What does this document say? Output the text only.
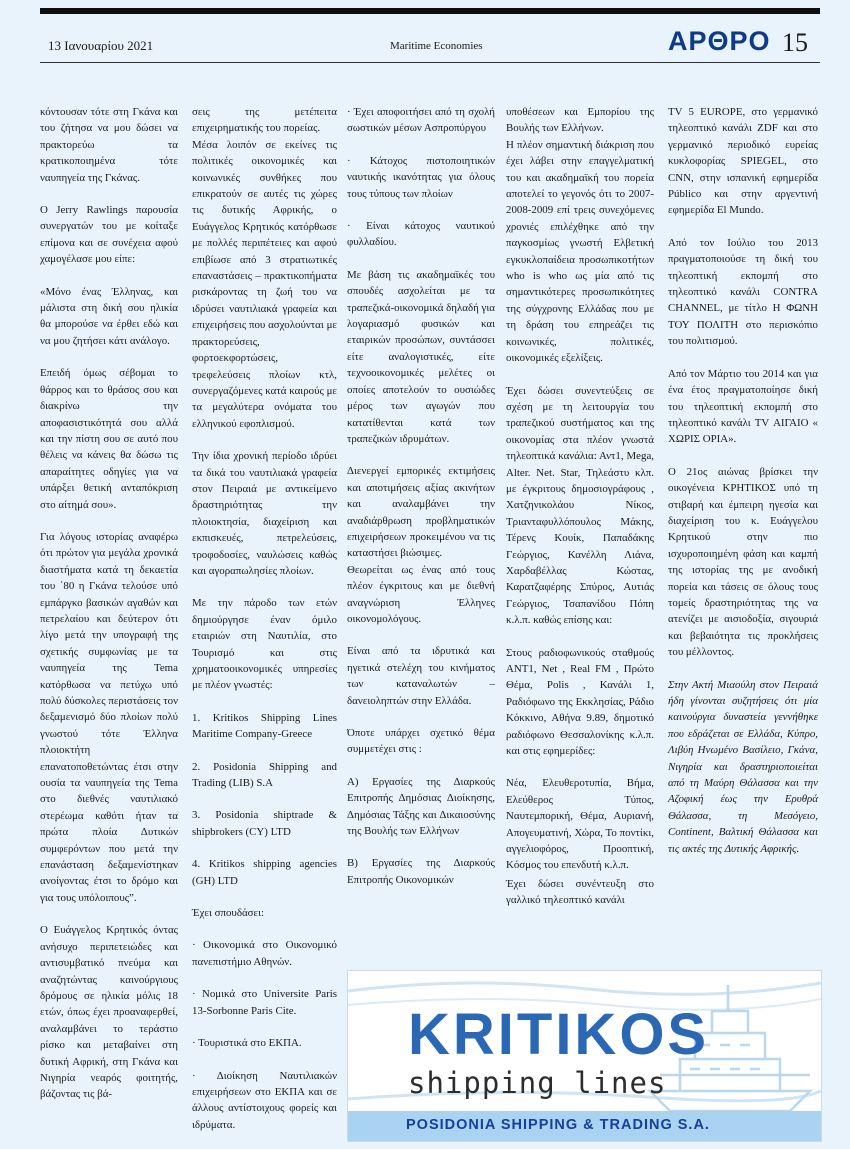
13 Ιανουαρίου 2021	Maritime Economies	ΑΡΘΡΟ 15

κόντουσαν τότε στη Γκάνα και του ζήτησα να μου δώσει να πρακτορεύω τα κρατικοποιημένα τότε ναυπηγεία της Γκάνας.

Ο Jerry Rawlings παρουσία συνεργατών του με κοίταξε επίμονα και σε συνέχεια αφού χαμογέλασε μου είπε:

«Μόνο ένας Έλληνας, και μάλιστα στη δική σου ηλικία θα μπορούσε να έρθει εδώ και να μου ζητήσει κάτι ανάλογο.

Επειδή όμως σέβομαι το θάρρος και το θράσος σου και διακρίνω την αποφασιστικότητά σου αλλά και την πίστη σου σε αυτό που θέλεις να κάνεις θα δώσω τις απαραίτητες οδηγίες για να υπάρξει θετική ανταπόκριση στο αίτημά σου».

Για λόγους ιστορίας αναφέρω ότι πρώτον για μεγάλα χρονικά διαστήματα κατά τη δεκαετία του ΄80 η Γκάνα τελούσε υπό εμπάργκο βασικών αγαθών και πετρελαίου και δεύτερον ότι λίγο μετά την υπογραφή της σχετικής συμφωνίας με τα ναυπηγεία της Tema κατόρθωσα να πετύχω υπό πολύ δύσκολες περιστάσεις τον δεξαμενισμό δύο πλοίων πολύ γνωστού τότε Έλληνα πλοιοκτήτη επανατοποθετώντας έτσι στην ουσία τα ναυπηγεία της Tema στο διεθνές ναυτιλιακό στερέωμα καθότι ήταν τα πρώτα πλοία Δυτικών συμφερόντων που μετά την επανάσταση δεξαμενίστηκαν ανοίγοντας έτσι το δρόμο και για τους υπόλοιπους”.

Ο Ευάγγελος Κρητικός όντας ανήσυχο περιπετειώδες και αντισυμβατικό πνεύμα και αναζητώντας καινούργιους δρόμους σε ηλικία μόλις 18 ετών, όπως έχει προαναφερθεί, αναλαμβάνει το τεράστιο ρίσκο και μεταβαίνει στη δυτική Αφρική, στη Γκάνα και Νιγηρία νεαρός φοιτητής, βάζοντας τις βά-

σεις της μετέπειτα επιχειρηματικής του πορείας.
Μέσα λοιπόν σε εκείνες τις πολιτικές οικονομικές και κοινωνικές συνθήκες που επικρατούν σε αυτές τις χώρες τις δυτικής Αφρικής, ο Ευάγγελος Κρητικός κατόρθωσε με πολλές περιπέτειες και αφού επιβίωσε από 3 στρατιωτικές επαναστάσεις – πρακτικοπήματα ρισκάροντας τη ζωή του να ιδρύσει ναυτιλιακά γραφεία και επιχειρήσεις που ασχολούνται με πρακτορεύσεις, φορτοεκφορτώσεις, τρεφελεύσεις πλοίων κτλ, συνεργαζόμενες κατά καιρούς με τα μεγαλύτερα ονόματα του ελληνικού εφοπλισμού.

Την ίδια χρονική περίοδο ιδρύει τα δικά του ναυτιλιακά γραφεία στον Πειραιά με αντικείμενο δραστηριότητας την πλοιοκτησία, διαχείριση και εκπισκευές, πετρελεύσεις, τροφοδοσίες, ναυλώσεις καθώς και αγοραπωλησίες πλοίων.

Με την πάροδο των ετών δημιούργησε έναν όμιλο εταιριών στη Ναυτιλία, στο Τουρισμό και στις χρηματοοικονομικές υπηρεσίες με πλέον γνωστές:

1. Kritikos Shipping Lines Maritime Company-Greece

2. Posidonia Shipping and Trading (LIB) S.A

3. Posidonia shiptrade & shipbrokers (CY) LTD

4. Kritikos shipping agencies (GH) LTD

Έχει σπουδάσει:

· Οικονομικά στο Οικονομικό πανεπιστήμιο Αθηνών.

· Νομικά στο Universite Paris 13-Sorbonne Paris Cite.

· Τουριστικά στο ΕΚΠΑ.

· Διοίκηση Ναυτιλιακών επιχειρήσεων στο ΕΚΠΑ και σε άλλους αντίστοιχους φορείς και ιδρύματα.

· Έχει αποφοιτήσει από τη σχολή σωστικών μέσων Ασπροπύργου

· Κάτοχος πιστοποιητικών ναυτικής ικανότητας για όλους τους τύπους των πλοίων

· Είναι κάτοχος ναυτικού φυλλαδίου.

Με βάση τις ακαδημαϊκές του σπουδές ασχολείται με τα τραπεζικά-οικονομικά δηλαδή για λογαριασμό φυσικών και εταιρικών προσώπων, συντάσσει είτε αναλογιστικές, είτε τεχνοοικονομικές μελέτες οι οποίες αποτελούν το ουσιώδες μέρος των αγωγών που κατατίθενται κατά των τραπεζικών ιδρυμάτων.

Διενεργεί εμπορικές εκτιμήσεις και αποτιμήσεις αξίας ακινήτων και αναλαμβάνει την αναδιάρθρωση προβληματικών επιχειρήσεων προκειμένου να τις καταστήσει βιώσιμες.
Θεωρείται ως ένας από τους πλέον έγκριτους και με διεθνή αναγνώριση Έλληνες οικονομολόγους.

Είναι από τα ιδρυτικά και ηγετικά στελέχη του κινήματος των καταναλωτών – δανειοληπτών στην Ελλάδα.

Όποτε υπάρχει σχετικό θέμα συμμετέχει στις :

Α) Εργασίες της Διαρκούς Επιτροπής Δημόσιας Διοίκησης, Δημόσιας Τάξης και Δικαιοσύνης της Βουλής των Ελλήνων

Β) Εργασίες της Διαρκούς Επιτροπής Οικονομικών

υποθέσεων και Εμπορίου της Βουλής των Ελλήνων.
Η πλέον σημαντική διάκριση που έχει λάβει στην επαγγελματική του και ακαδημαϊκή του πορεία αποτελεί το γεγονός ότι το 2007-2008-2009 επί τρεις συνεχόμενες χρονιές επιλέχθηκε από την παγκοσμίως γνωστή Ελβετική εγκυκλοπαίδεια προσωπικοτήτων who is who ως μία από τις σημαντικότερες προσωπικότητες της σύγχρονης Ελλάδας που με τη δράση του επηρεάζει τις κοινωνικές, πολιτικές, οικονομικές εξελίξεις.

Έχει δώσει συνεντεύξεις σε σχέση με τη λειτουργία του τραπεζικού συστήματος και της οικονομίας στα πλέον γνωστά τηλεοπτικά κανάλια: Αντ1, Mega, Alter. Net. Star, Τηλεάστυ κλπ. με έγκριτους δημοσιογράφους , Χατζηνικολάου Νίκος, Τριανταφυλλόπουλος Μάκης, Τέρενς Κουίκ, Παπαδάκης Γεώργιος, Κανέλλη Λιάνα, Χαρδαβέλλας Κώστας, Καρατζαφέρης Σπύρος, Αυτιάς Γεώργιος, Τσαπανίδου Πόπη κ.λ.π. καθώς επίσης και:

Στους ραδιοφωνικούς σταθμούς ΑΝΤ1, Net , Real FM , Πρώτο Θέμα, Polis , Κανάλι 1, Ραδιόφωνο της Εκκλησίας, Ράδιο Κόκκινο, Αθήνα 9.89, δημοτικό ραδιόφωνο Θεσσαλονίκης κ.λ.π. και στις εφημερίδες:

Νέα, Ελευθεροτυπία, Βήμα, Ελεύθερος Τύπος, Ναυτεμπορική, Θέμα, Αυριανή, Απογευματινή, Χώρα, Το ποντίκι, αγγελιοφόρος, Προοπτική, Κόσμος του επενδυτή κ.λ.π.

Έχει δώσει συνέντευξη στο γαλλικό τηλεοπτικό κανάλι

TV 5 EUROPE, στο γερμανικό τηλεοπτικό κανάλι ZDF και στο γερμανικό περιοδικό ευρείας κυκλοφορίας SPIEGEL, στο CNN, στην ισπανική εφημερίδα Público και στην αργεντινή εφημερίδα El Mundo.

Από τον Ιούλιο του 2013 πραγματοποιούσε τη δική του τηλεοπτική εκπομπή στο τηλεοπτικό κανάλι CONTRA CHANNEL, με τίτλο Η ΦΩΝΗ ΤΟΥ ΠΟΛΙΤΗ στο περισκόπιο του πολιτισμού.

Από τον Μάρτιο του 2014 και για ένα έτος πραγματοποίησε δική του τηλεοπτική εκπομπή στο τηλεοπτικό κανάλι TV ΑΙΓΑΙΟ « ΧΩΡΙΣ ΟΡΙΑ».

Ο 21ος αιώνας βρίσκει την οικογένεια ΚΡΗΤΙΚΟΣ υπό τη στιβαρή και έμπειρη ηγεσία και διαχείριση του κ. Ευάγγελου Κρητικού στην πιο ισχυροποιημένη φάση και καμπή της ιστορίας της με ανοδική πορεία και τάσεις σε όλους τους τομείς δραστηριότητας της να ατενίζει με αισιοδοξία, σιγουριά και βεβαιότητα τις προκλήσεις του μέλλοντος.

Στην Ακτή Μιαούλη στον Πειραιά ήδη γίνονται συζητήσεις ότι μία καινούργια δυναστεία γεννήθηκε που εδράζεται σε Ελλάδα, Κύπρο, Λιβύη Ηνωμένο Βασίλειο, Γκάνα, Νιγηρία και δραστηριοποιείται από τη Μαύρη Θάλασσα και την Αζοφική έως την Ερυθρά Θάλασσα, τη Μεσόγειο, Continent, Βαλτική Θάλασσα και τις ακτές της Δυτικής Αφρικής.

KRITIKOS
shipping lines
POSIDONIA SHIPPING & TRADING S.A.
